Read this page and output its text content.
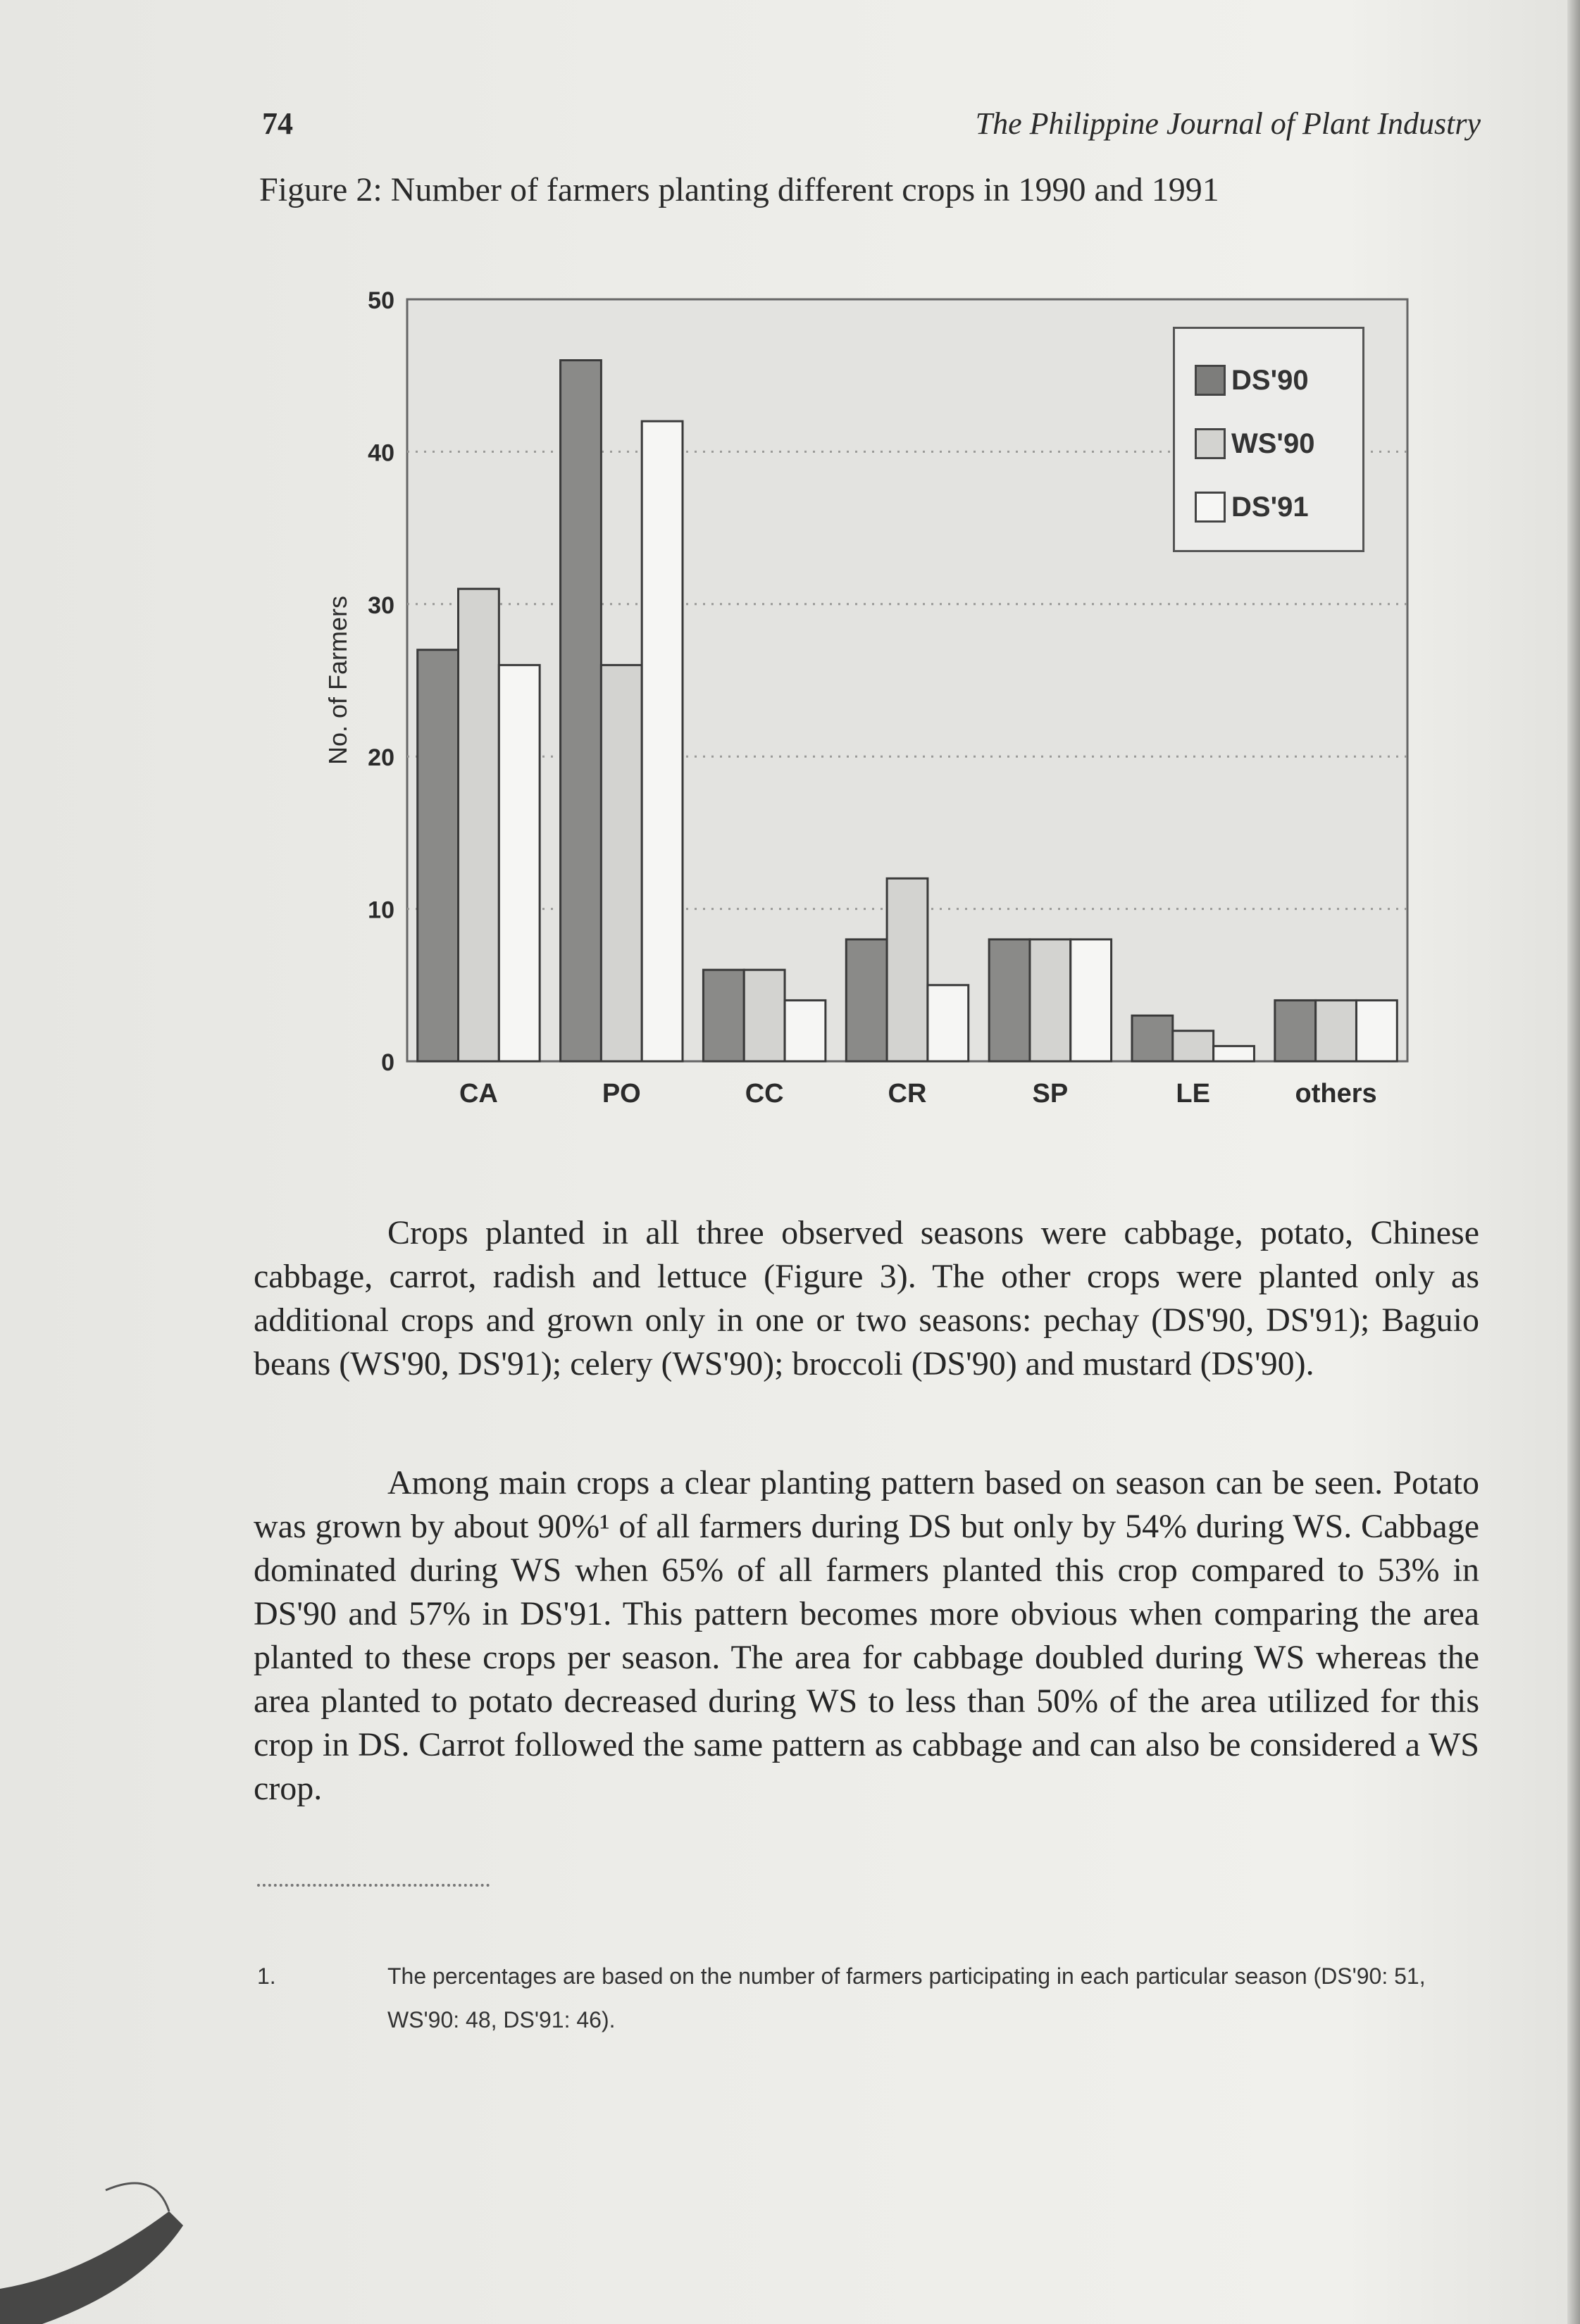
74	The Philippine Journal of Plant Industry
Figure 2: Number of farmers planting different crops in 1990 and 1991
0
10
20
30
40
50
CA	PO	CC	CR	SP	LE	others
No. of Farmers
DS'90
WS'90
DS'91

Crops planted in all three observed seasons were cabbage, potato, Chinese cabbage, carrot, radish and lettuce (Figure 3). The other crops were planted only as additional crops and grown only in one or two seasons: pechay (DS'90, DS'91); Baguio beans (WS'90, DS'91); celery (WS'90); broccoli (DS'90) and mustard (DS'90).

Among main crops a clear planting pattern based on season can be seen. Potato was grown by about 90%¹ of all farmers during DS but only by 54% during WS. Cabbage dominated during WS when 65% of all farmers planted this crop compared to 53% in DS'90 and 57% in DS'91. This pattern becomes more obvious when comparing the area planted to these crops per season. The area for cabbage doubled during WS whereas the area planted to potato decreased during WS to less than 50% of the area utilized for this crop in DS. Carrot followed the same pattern as cabbage and can also be considered a WS crop.

1.	The percentages are based on the number of farmers participating in each particular season (DS'90: 51, WS'90: 48, DS'91: 46).
